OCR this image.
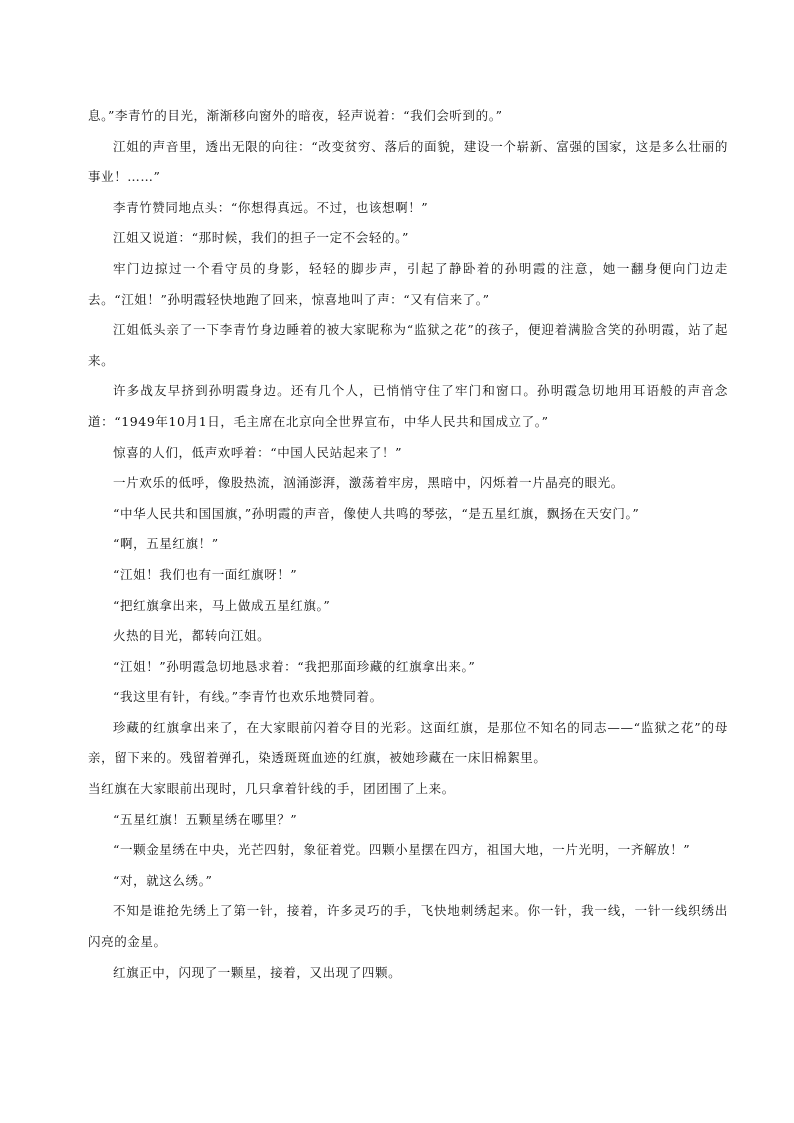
息。”李青竹的目光，渐渐移向窗外的暗夜，轻声说着：“我们会听到的。”

江姐的声音里，透出无限的向往：“改变贫穷、落后的面貌，建设一个崭新、富强的国家，这是多么壮丽的事业！……”

李青竹赞同地点头：“你想得真远。不过，也该想啊！”

江姐又说道：“那时候，我们的担子一定不会轻的。”

牢门边掠过一个看守员的身影，轻轻的脚步声，引起了静卧着的孙明霞的注意，她一翻身便向门边走去。“江姐！”孙明霞轻快地跑了回来，惊喜地叫了声：“又有信来了。”

江姐低头亲了一下李青竹身边睡着的被大家昵称为“监狱之花”的孩子，便迎着满脸含笑的孙明霞，站了起来。

许多战友早挤到孙明霞身边。还有几个人，已悄悄守住了牢门和窗口。孙明霞急切地用耳语般的声音念道：“1949年10月1日，毛主席在北京向全世界宣布，中华人民共和国成立了。”

惊喜的人们，低声欢呼着：“中国人民站起来了！”

一片欢乐的低呼，像股热流，汹涌澎湃，激荡着牢房，黑暗中，闪烁着一片晶亮的眼光。

“中华人民共和国国旗，”孙明霞的声音，像使人共鸣的琴弦，“是五星红旗，飘扬在天安门。”

“啊，五星红旗！”

“江姐！我们也有一面红旗呀！”

“把红旗拿出来，马上做成五星红旗。”

火热的目光，都转向江姐。

“江姐！”孙明霞急切地恳求着：“我把那面珍藏的红旗拿出来。”

“我这里有针，有线。”李青竹也欢乐地赞同着。

珍藏的红旗拿出来了，在大家眼前闪着夺目的光彩。这面红旗，是那位不知名的同志——“监狱之花”的母亲，留下来的。残留着弹孔，染透斑斑血迹的红旗，被她珍藏在一床旧棉絮里。

当红旗在大家眼前出现时，几只拿着针线的手，团团围了上来。

“五星红旗！五颗星绣在哪里？”

“一颗金星绣在中央，光芒四射，象征着党。四颗小星摆在四方，祖国大地，一片光明，一齐解放！”

“对，就这么绣。”

不知是谁抢先绣上了第一针，接着，许多灵巧的手，飞快地刺绣起来。你一针，我一线，一针一线织绣出闪亮的金星。

红旗正中，闪现了一颗星，接着，又出现了四颗。
